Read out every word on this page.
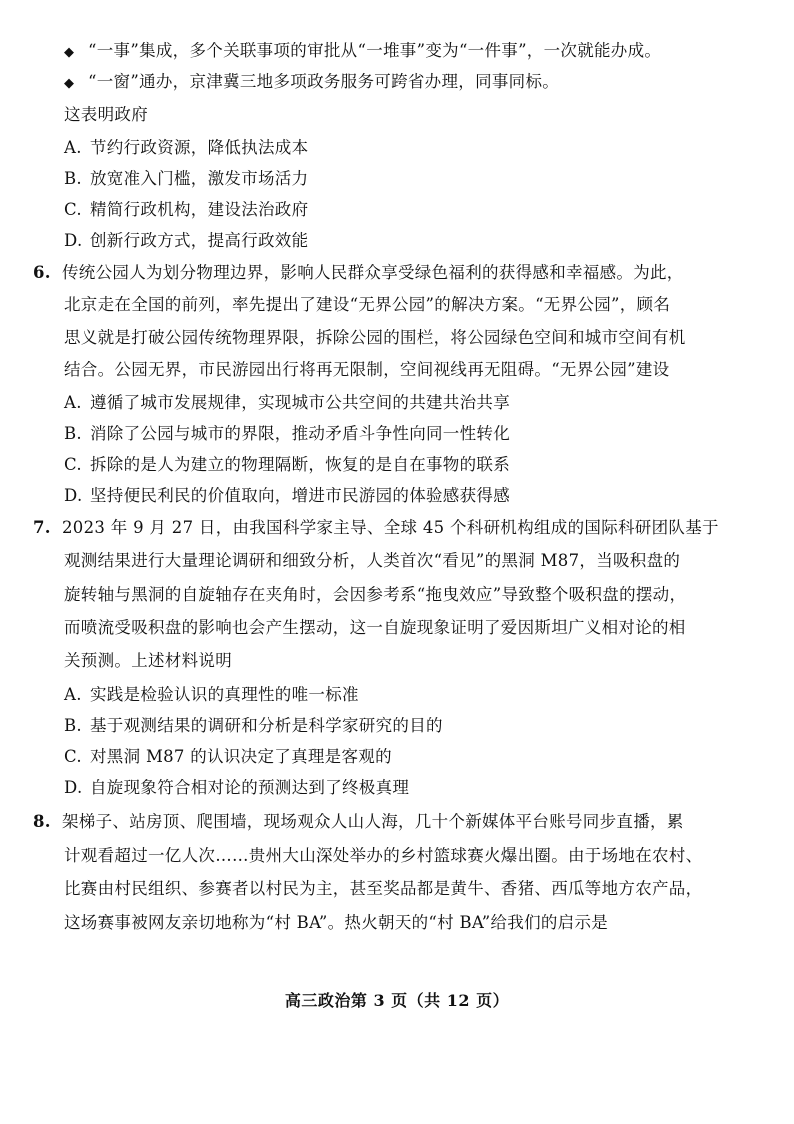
◆ “一事”集成，多个关联事项的审批从“一堆事”变为“一件事”，一次就能办成。
◆ “一窗”通办，京津冀三地多项政务服务可跨省办理，同事同标。
这表明政府
A. 节约行政资源，降低执法成本
B. 放宽准入门槛，激发市场活力
C. 精简行政机构，建设法治政府
D. 创新行政方式，提高行政效能
6. 传统公园人为划分物理边界，影响人民群众享受绿色福利的获得感和幸福感。为此，
北京走在全国的前列，率先提出了建设“无界公园”的解决方案。“无界公园”，顾名
思义就是打破公园传统物理界限，拆除公园的围栏，将公园绿色空间和城市空间有机
结合。公园无界，市民游园出行将再无限制，空间视线再无阻碍。“无界公园”建设
A. 遵循了城市发展规律，实现城市公共空间的共建共治共享
B. 消除了公园与城市的界限，推动矛盾斗争性向同一性转化
C. 拆除的是人为建立的物理隔断，恢复的是自在事物的联系
D. 坚持便民利民的价值取向，增进市民游园的体验感获得感
7. 2023 年 9 月 27 日，由我国科学家主导、全球 45 个科研机构组成的国际科研团队基于
观测结果进行大量理论调研和细致分析，人类首次“看见”的黑洞 M87，当吸积盘的
旋转轴与黑洞的自旋轴存在夹角时，会因参考系“拖曳效应”导致整个吸积盘的摆动，
而喷流受吸积盘的影响也会产生摆动，这一自旋现象证明了爱因斯坦广义相对论的相
关预测。上述材料说明
A. 实践是检验认识的真理性的唯一标准
B. 基于观测结果的调研和分析是科学家研究的目的
C. 对黑洞 M87 的认识决定了真理是客观的
D. 自旋现象符合相对论的预测达到了终极真理
8. 架梯子、站房顶、爬围墙，现场观众人山人海，几十个新媒体平台账号同步直播，累
计观看超过一亿人次……贵州大山深处举办的乡村篮球赛火爆出圈。由于场地在农村、
比赛由村民组织、参赛者以村民为主，甚至奖品都是黄牛、香猪、西瓜等地方农产品，
这场赛事被网友亲切地称为“村 BA”。热火朝天的“村 BA”给我们的启示是
高三政治第 3 页（共 12 页）
